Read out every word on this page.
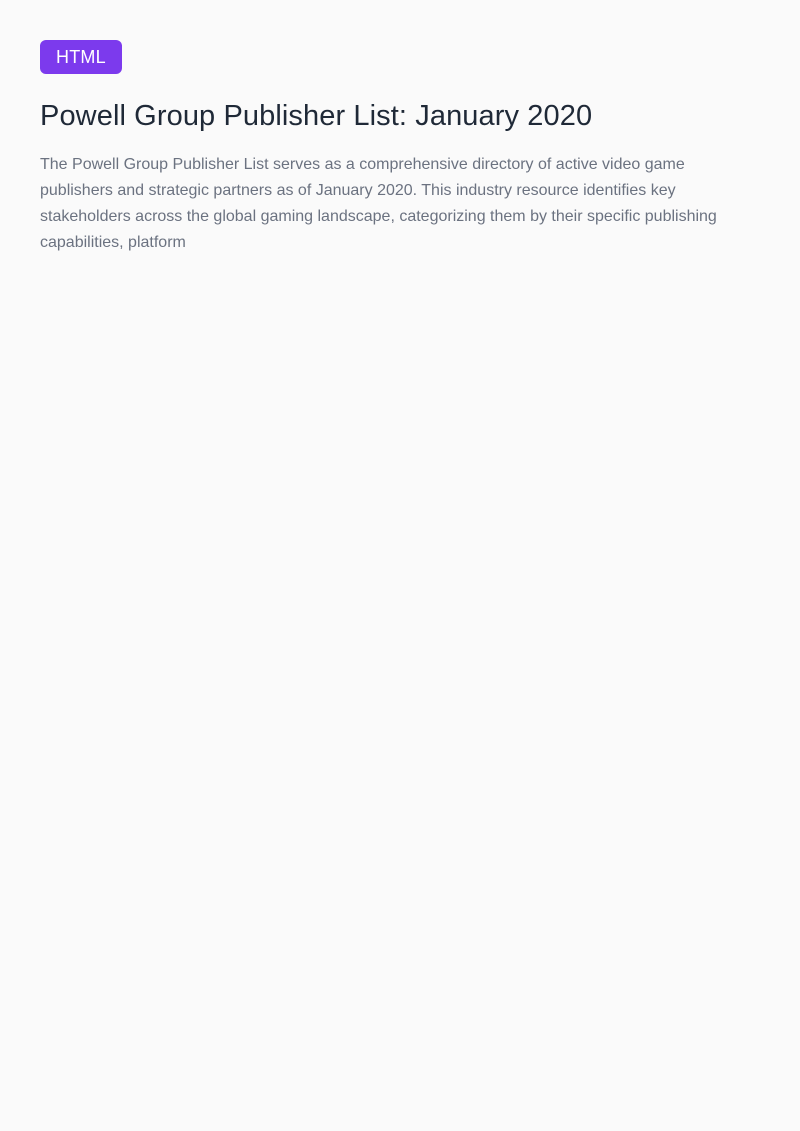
HTML
Powell Group Publisher List: January 2020

The Powell Group Publisher List serves as a comprehensive directory of active video game publishers and strategic partners as of January 2020. This industry resource identifies key stakeholders across the global gaming landscape, categorizing them by their specific publishing capabilities, platform
